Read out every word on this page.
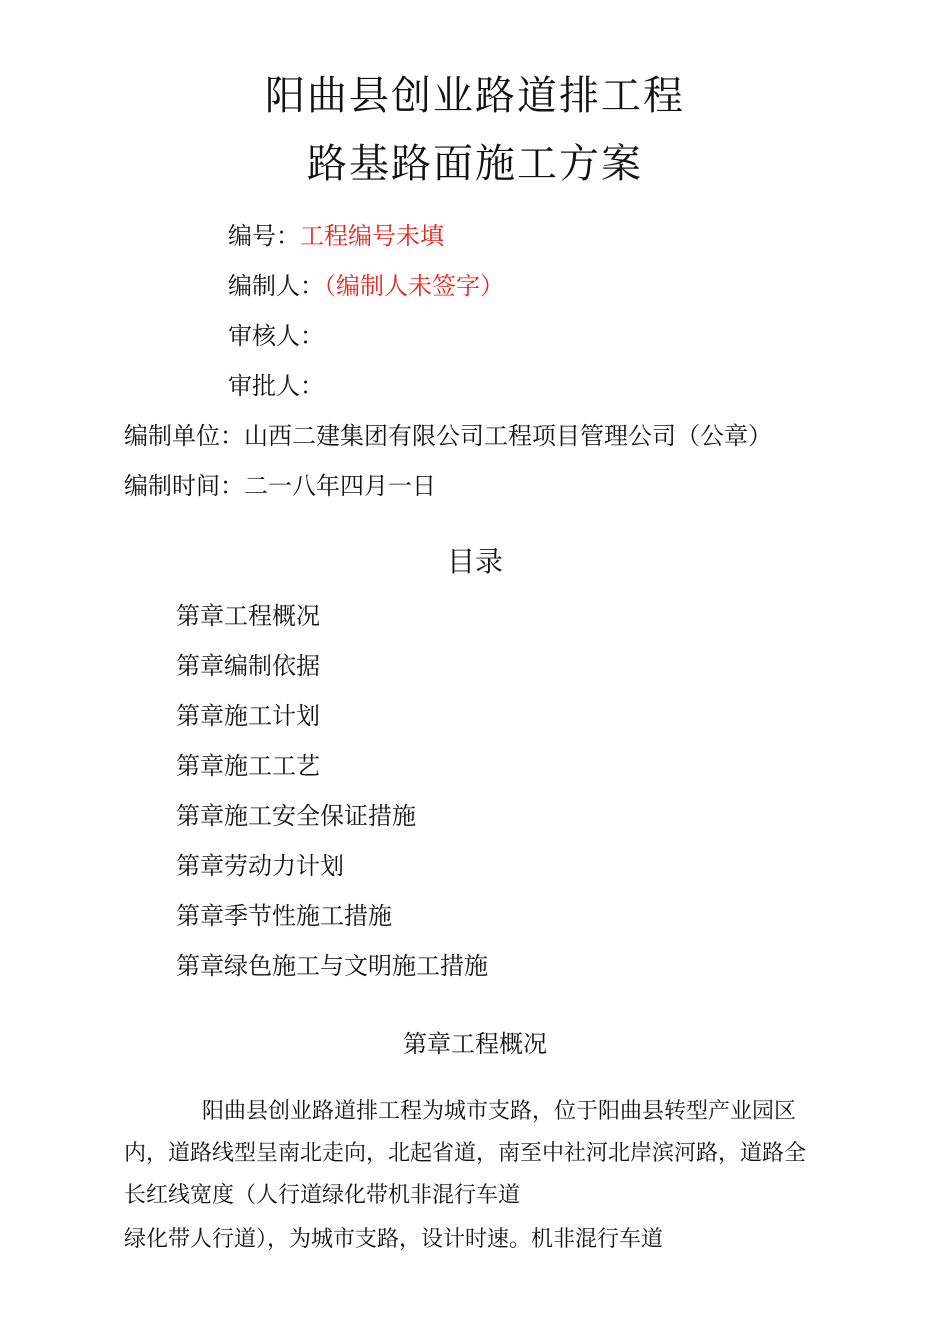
阳曲县创业路道排工程
路基路面施工方案
编号：工程编号未填
编制人：（编制人未签字）
审核人：
审批人：
编制单位：山西二建集团有限公司工程项目管理公司（公章）
编制时间：二一八年四月一日
目录
第章工程概况
第章编制依据
第章施工计划
第章施工工艺
第章施工安全保证措施
第章劳动力计划
第章季节性施工措施
第章绿色施工与文明施工措施
第章工程概况
阳曲县创业路道排工程为城市支路，位于阳曲县转型产业园区
内，道路线型呈南北走向，北起省道，南至中社河北岸滨河路，道路全
长红线宽度（人行道绿化带机非混行车道
绿化带人行道），为城市支路，设计时速。机非混行车道
